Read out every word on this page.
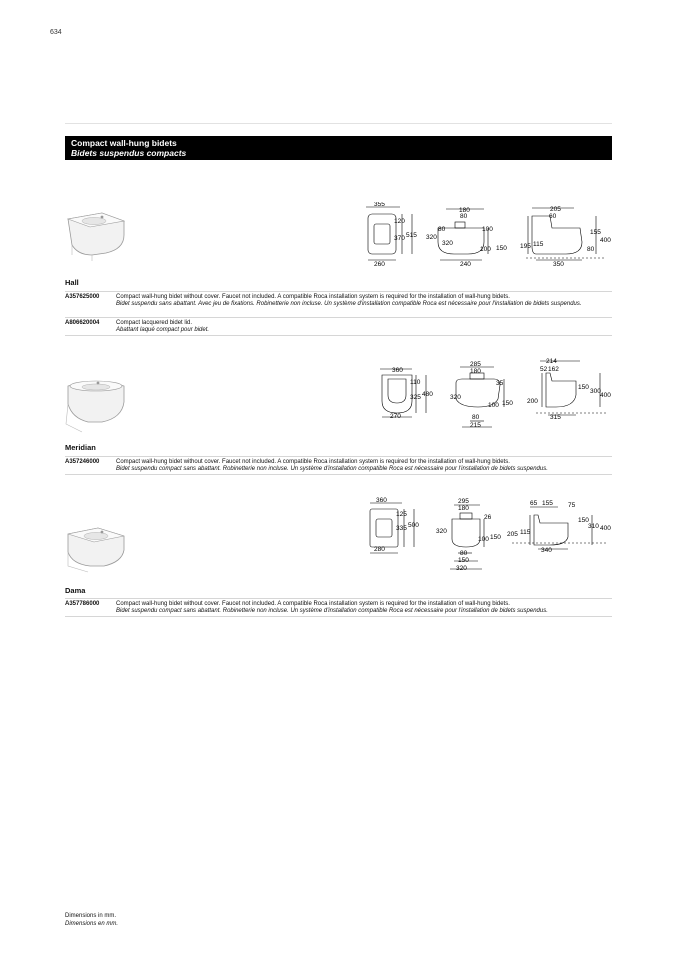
634
Compact wall-hung bidets
Bidets suspendus compacts
355
120
370 515
260
180
80
80	100
320
320
100 150
240
205
60
155
400
195 115
80
350
Hall
A357625000	Compact wall-hung bidet without cover. Faucet not included. A compatible Roca installation system is required for the installation of wall-hung bidets.
Bidet suspendu sans abattant. Avec jeu de fixations. Robinetterie non incluse. Un système d'installation compatible Roca est nécessaire pour l'installation de bidets suspendus.
A806620004	Compact lacquered bidet lid.
Abattant laqué compact pour bidet.
360
110
325 480
270
285
180
35
320
100 150
80
215
214
52 162
150
300
400
200
315
Meridian
A357246000	Compact wall-hung bidet without cover. Faucet not included. A compatible Roca installation system is required for the installation of wall-hung bidets.
Bidet suspendu compact sans abattant. Robinetterie non incluse. Un système d'installation compatible Roca est nécessaire pour l'installation de bidets suspendus.
360
125
335 500
280
295
180
26
320
100 150
80
150
320
65 155 75
150
310 400
205 115
340
Dama
A357786000	Compact wall-hung bidet without cover. Faucet not included. A compatible Roca installation system is required for the installation of wall-hung bidets.
Bidet suspendu compact sans abattant. Robinetterie non incluse. Un système d'installation compatible Roca est nécessaire pour l'installation de bidets suspendus.
Dimensions in mm.
Dimensions en mm.
